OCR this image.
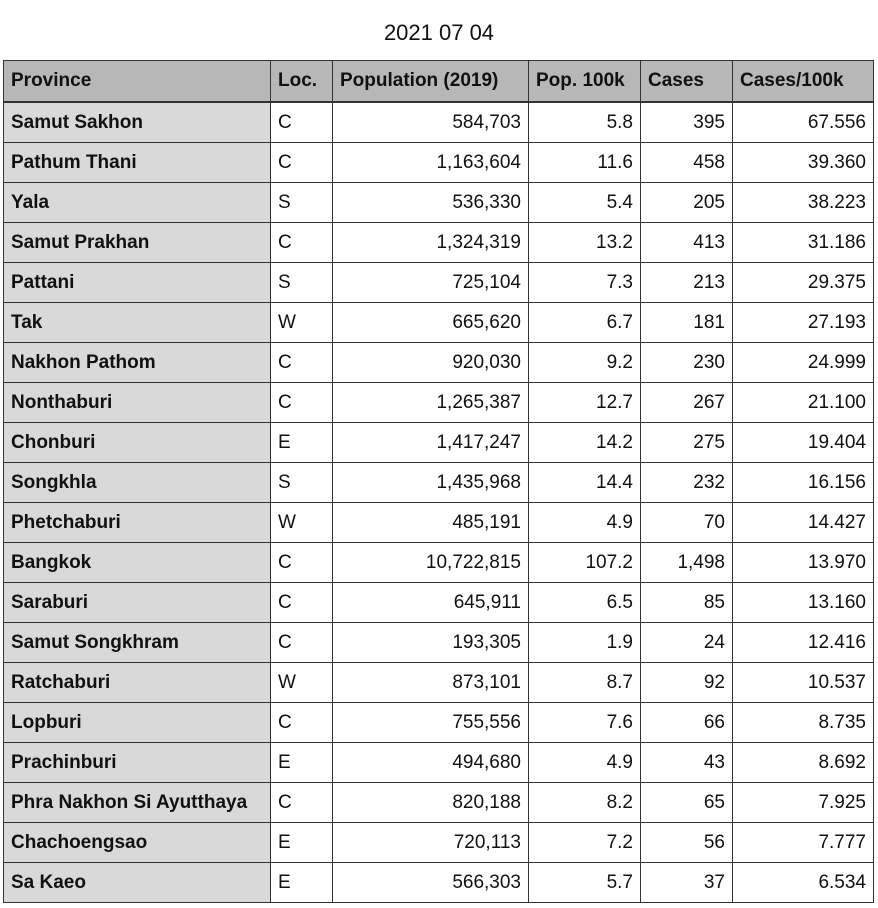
2021 07 04
Province	Loc.	Population (2019)	Pop. 100k	Cases	Cases/100k
Samut Sakhon	C	584,703	5.8	395	67.556
Pathum Thani	C	1,163,604	11.6	458	39.360
Yala	S	536,330	5.4	205	38.223
Samut Prakhan	C	1,324,319	13.2	413	31.186
Pattani	S	725,104	7.3	213	29.375
Tak	W	665,620	6.7	181	27.193
Nakhon Pathom	C	920,030	9.2	230	24.999
Nonthaburi	C	1,265,387	12.7	267	21.100
Chonburi	E	1,417,247	14.2	275	19.404
Songkhla	S	1,435,968	14.4	232	16.156
Phetchaburi	W	485,191	4.9	70	14.427
Bangkok	C	10,722,815	107.2	1,498	13.970
Saraburi	C	645,911	6.5	85	13.160
Samut Songkhram	C	193,305	1.9	24	12.416
Ratchaburi	W	873,101	8.7	92	10.537
Lopburi	C	755,556	7.6	66	8.735
Prachinburi	E	494,680	4.9	43	8.692
Phra Nakhon Si Ayutthaya	C	820,188	8.2	65	7.925
Chachoengsao	E	720,113	7.2	56	7.777
Sa Kaeo	E	566,303	5.7	37	6.534
